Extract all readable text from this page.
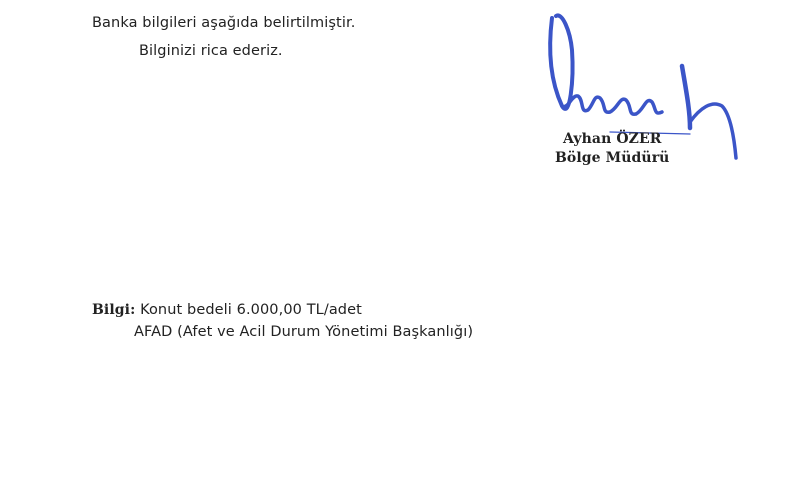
Banka bilgileri aşağıda belirtilmiştir.
Bilginizi rica ederiz.
Ayhan ÖZER
Bölge Müdürü
Bilgi: Konut bedeli 6.000,00 TL/adet
AFAD (Afet ve Acil Durum Yönetimi Başkanlığı)
